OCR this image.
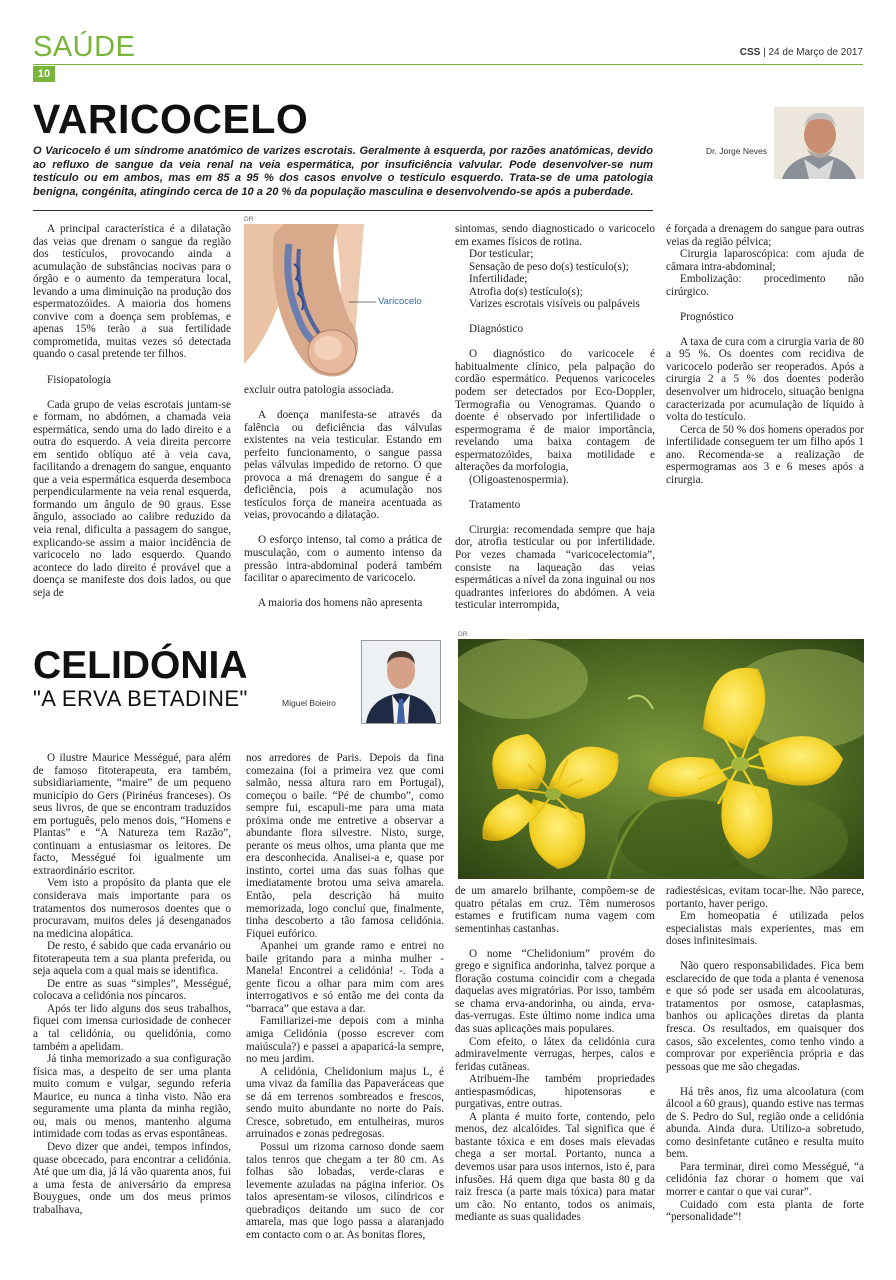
SAÚDE	CSS | 24 de Março de 2017
10
VARICOCELO
Dr. Jorge Neves
O Varicocelo é um síndrome anatómico de varizes escrotais. Geralmente à esquerda, por razões anatómicas, devido ao refluxo de sangue da veia renal na veia espermática, por insuficiência valvular. Pode desenvolver-se num testículo ou em ambos, mas em 85 a 95 % dos casos envolve o testículo esquerdo. Trata-se de uma patologia benigna, congénita, atingindo cerca de 10 a 20 % da população masculina e desenvolvendo-se após a puberdade.

A principal característica é a dilatação das veias que drenam o sangue da região dos testículos, provocando ainda a acumulação de substâncias nocivas para o órgão e o aumento da temperatura local, levando a uma diminuição na produção dos espermatozóides. A maioria dos homens convive com a doença sem problemas, e apenas 15% terão a sua fertilidade comprometida, muitas vezes só detectada quando o casal pretende ter filhos.

Fisiopatologia

Cada grupo de veias escrotais juntam-se e formam, no abdómen, a chamada veia espermática, sendo uma do lado direito e a outra do esquerdo. A veia direita percorre em sentido oblíquo até à veia cava, facilitando a drenagem do sangue, enquanto que a veia espermática esquerda desemboca perpendicularmente na veia renal esquerda, formando um ângulo de 90 graus. Esse ângulo, associado ao calibre reduzido da veia renal, dificulta a passagem do sangue, explicando-se assim a maior incidência de varicocelo no lado esquerdo. Quando acontece do lado direito é provável que a doença se manifeste dos dois lados, ou que seja de

DR
Varicocelo

excluir outra patologia associada.

A doença manifesta-se através da falência ou deficiência das válvulas existentes na veia testicular. Estando em perfeito funcionamento, o sangue passa pelas válvulas impedido de retorno. O que provoca a má drenagem do sangue é a deficiência, pois a acumulação nos testículos força de maneira acentuada as veias, provocando a dilatação.

O esforço intenso, tal como a prática de musculação, com o aumento intenso da pressão intra-abdominal poderá também facilitar o aparecimento de varicocelo.

A maioria dos homens não apresenta

sintomas, sendo diagnosticado o varicocelo em exames físicos de rotina.

Dor testicular;

Sensação de peso do(s) testículo(s);

Infertilidade;

Atrofia do(s) testículo(s);

Varizes escrotais visíveis ou palpáveis

Diagnóstico

O diagnóstico do varicocele é habitualmente clínico, pela palpação do cordão espermático. Pequenos varicoceles podem ser detectados por Eco-Doppler, Termografia ou Venogramas. Quando o doente é observado por infertilidade o espermograma é de maior importância, revelando uma baixa contagem de espermatozóides, baixa motilidade e alterações da morfologia,

(Oligoastenospermia).

Tratamento

Cirurgia: recomendada sempre que haja dor, atrofia testicular ou por infertilidade. Por vezes chamada “varicocelectomia”, consiste na laqueação das veias espermáticas a nível da zona inguinal ou nos quadrantes inferiores do abdómen. A veia testicular interrompida,

é forçada a drenagem do sangue para outras veias da região pélvica;

Cirurgia laparoscópica: com ajuda de câmara intra-abdominal;

Embolização: procedimento não cirúrgico.

Prognóstico

A taxa de cura com a cirurgia varia de 80 a 95 %. Os doentes com recidiva de varicocelo poderão ser reoperados. Após a cirurgia 2 a 5 % dos doentes poderão desenvolver um hidrocelo, situação benigna caracterizada por acumulação de líquido à volta do testículo.

Cerca de 50 % dos homens operados por infertilidade conseguem ter um filho após 1 ano. Recomenda-se a realização de espermogramas aos 3 e 6 meses após a cirurgia.

CELIDÓNIA
"A ERVA BETADINE"	Miguel Boieiro
DR

O ilustre Maurice Mességué, para além de famoso fitoterapeuta, era também, subsidiariamente, “maire” de um pequeno município do Gers (Pirinéus franceses). Os seus livros, de que se encontram traduzidos em português, pelo menos dois, “Homens e Plantas” e “A Natureza tem Razão”, continuam a entusiasmar os leitores. De facto, Mességué foi igualmente um extraordinário escritor.

Vem isto a propósito da planta que ele considerava mais importante para os tratamentos dos numerosos doentes que o procuravam, muitos deles já desenganados na medicina alopática.

De resto, é sabido que cada ervanário ou fitoterapeuta tem a sua planta preferida, ou seja aquela com a qual mais se identifica.

De entre as suas “simples”, Mességué, colocava a celidónia nos píncaros.

Após ter lido alguns dos seus trabalhos, fiquei com imensa curiosidade de conhecer a tal celidónia, ou quelidónia, como também a apelidam.

Já tinha memorizado a sua configuração física mas, a despeito de ser uma planta muito comum e vulgar, segundo referia Maurice, eu nunca a tinha visto. Não era seguramente uma planta da minha região, ou, mais ou menos, mantenho alguma intimidade com todas as ervas espontâneas.

Devo dizer que andei, tempos infindos, quase obcecado, para encontrar a celidónia. Até que um dia, já lá vão quarenta anos, fui a uma festa de aniversário da empresa Bouygues, onde um dos meus primos trabalhava,

nos arredores de Paris. Depois da fina comezaina (foi a primeira vez que comi salmão, nessa altura raro em Portugal), começou o baile. “Pé de chumbo”, como sempre fui, escapuli-me para uma mata próxima onde me entretive a observar a abundante flora silvestre. Nisto, surge, perante os meus olhos, uma planta que me era desconhecida. Analisei-a e, quase por instinto, cortei uma das suas folhas que imediatamente brotou uma seiva amarela. Então, pela descrição há muito memorizada, logo concluí que, finalmente, tinha descoberto a tão famosa celidónia. Fiquei eufórico.

Apanhei um grande ramo e entrei no baile gritando para a minha mulher - Manela! Encontrei a celidónia! -. Toda a gente ficou a olhar para mim com ares interrogativos e só então me dei conta da “barraca” que estava a dar.

Familiarizei-me depois com a minha amiga Celidónia (posso escrever com maiúscula?) e passei a apaparicá-la sempre, no meu jardim.

A celidónia, Chelidonium majus L, é uma vivaz da família das Papaveráceas que se dá em terrenos sombreados e frescos, sendo muito abundante no norte do País. Cresce, sobretudo, em entulheiras, muros arruinados e zonas pedregosas.

Possui um rizoma carnoso donde saem talos tenros que chegam a ter 80 cm. As folhas são lobadas, verde-claras e levemente azuladas na página inferior. Os talos apresentam-se vilosos, cilíndricos e quebradiços deitando um suco de cor amarela, mas que logo passa a alaranjado em contacto com o ar. As bonitas flores,

de um amarelo brilhante, compõem-se de quatro pétalas em cruz. Têm numerosos estames e frutificam numa vagem com sementinhas castanhas.

O nome “Chelidonium” provém do grego e significa andorinha, talvez porque a floração costuma coincidir com a chegada daquelas aves migratórias. Por isso, também se chama erva-andorinha, ou ainda, erva-das-verrugas. Este último nome indica uma das suas aplicações mais populares.

Com efeito, o látex da celidónia cura admiravelmente verrugas, herpes, calos e feridas cutâneas.

Atribuem-lhe também propriedades antiespasmódicas, hipotensoras e purgativas, entre outras.

A planta é muito forte, contendo, pelo menos, dez alcalóides. Tal significa que é bastante tóxica e em doses mais elevadas chega a ser mortal. Portanto, nunca a devemos usar para usos internos, isto é, para infusões. Há quem diga que basta 80 g da raiz fresca (a parte mais tóxica) para matar um cão. No entanto, todos os animais, mediante as suas qualidades

radiestésicas, evitam tocar-lhe. Não parece, portanto, haver perigo.

Em homeopatia é utilizada pelos especialistas mais experientes, mas em doses infinitesimais.

Não quero responsabilidades. Fica bem esclarecido de que toda a planta é venenosa e que só pode ser usada em alcoolaturas, tratamentos por osmose, cataplasmas, banhos ou aplicações diretas da planta fresca. Os resultados, em quaisquer dos casos, são excelentes, como tenho vindo a comprovar por experiência própria e das pessoas que me são chegadas.

Há três anos, fiz uma alcoolatura (com álcool a 60 graus), quando estive nas termas de S. Pedro do Sul, região onde a celidónia abunda. Ainda dura. Utilizo-a sobretudo, como desinfetante cutâneo e resulta muito bem.

Para terminar, direi como Mességué, “a celidónia faz chorar o homem que vai morrer e cantar o que vai curar”.

Cuidado com esta planta de forte “personalidade”!
